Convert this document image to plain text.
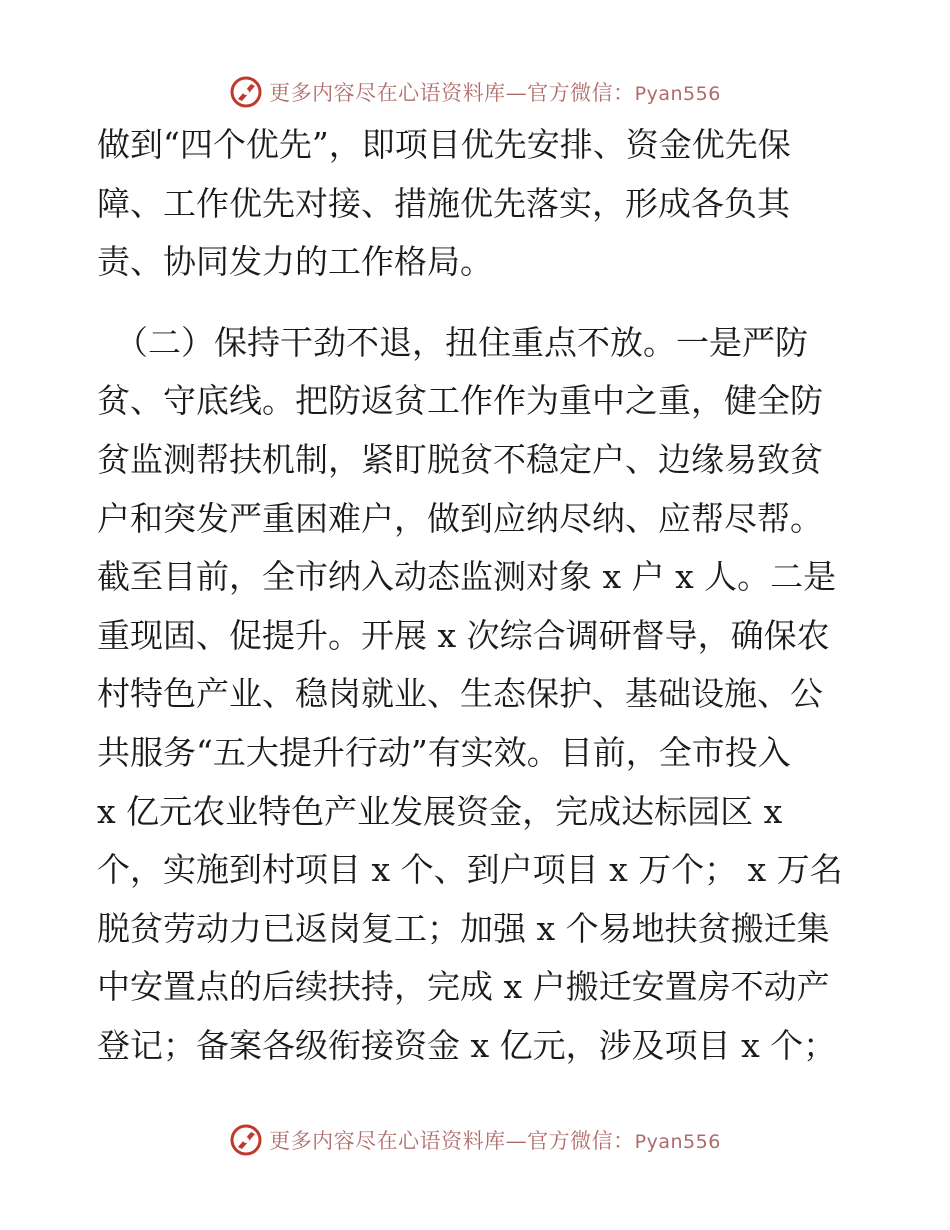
更多内容尽在心语资料库—官方微信：Pyan556
做到“四个优先”，即项目优先安排、资金优先保
障、工作优先对接、措施优先落实，形成各负其
责、协同发力的工作格局。
（二）保持干劲不退，扭住重点不放。一是严防
贫、守底线。把防返贫工作作为重中之重，健全防
贫监测帮扶机制，紧盯脱贫不稳定户、边缘易致贫
户和突发严重困难户，做到应纳尽纳、应帮尽帮。
截至目前，全市纳入动态监测对象 x 户 x 人。二是
重现固、促提升。开展 x 次综合调研督导，确保农
村特色产业、稳岗就业、生态保护、基础设施、公
共服务“五大提升行动”有实效。目前，全市投入
x 亿元农业特色产业发展资金，完成达标园区 x
个，实施到村项目 x 个、到户项目 x 万个； x 万名
脱贫劳动力已返岗复工；加强 x 个易地扶贫搬迁集
中安置点的后续扶持，完成 x 户搬迁安置房不动产
登记；备案各级衔接资金 x 亿元，涉及项目 x 个；
更多内容尽在心语资料库—官方微信：Pyan556
